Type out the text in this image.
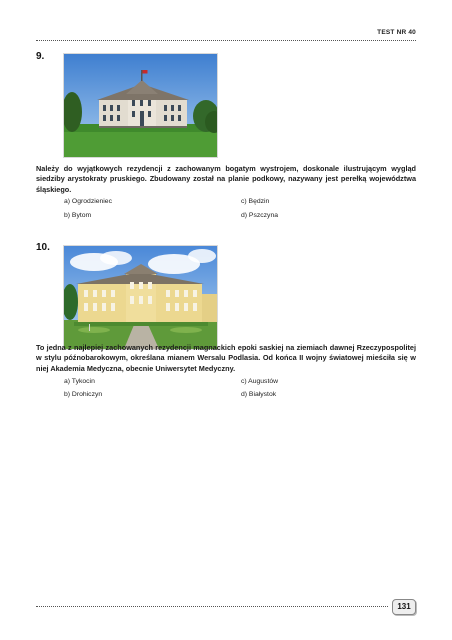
TEST NR 40
9.
Należy do wyjątkowych rezydencji z zachowanym bogatym wystrojem, doskonale ilustrującym wygląd siedziby arystokraty pruskiego. Zbudowany został na planie podkowy, nazywany jest perełką województwa śląskiego.
a) Ogrodzieniec	c) Będzin
b) Bytom	d) Pszczyna
10.
To jedna z najlepiej zachowanych rezydencji magnackich epoki saskiej na ziemiach dawnej Rzeczypospolitej w stylu późnobarokowym, określana mianem Wersalu Podlasia. Od końca II wojny światowej mieściła się w niej Akademia Medyczna, obecnie Uniwersytet Medyczny.
a) Tykocin	c) Augustów
b) Drohiczyn	d) Białystok
131
